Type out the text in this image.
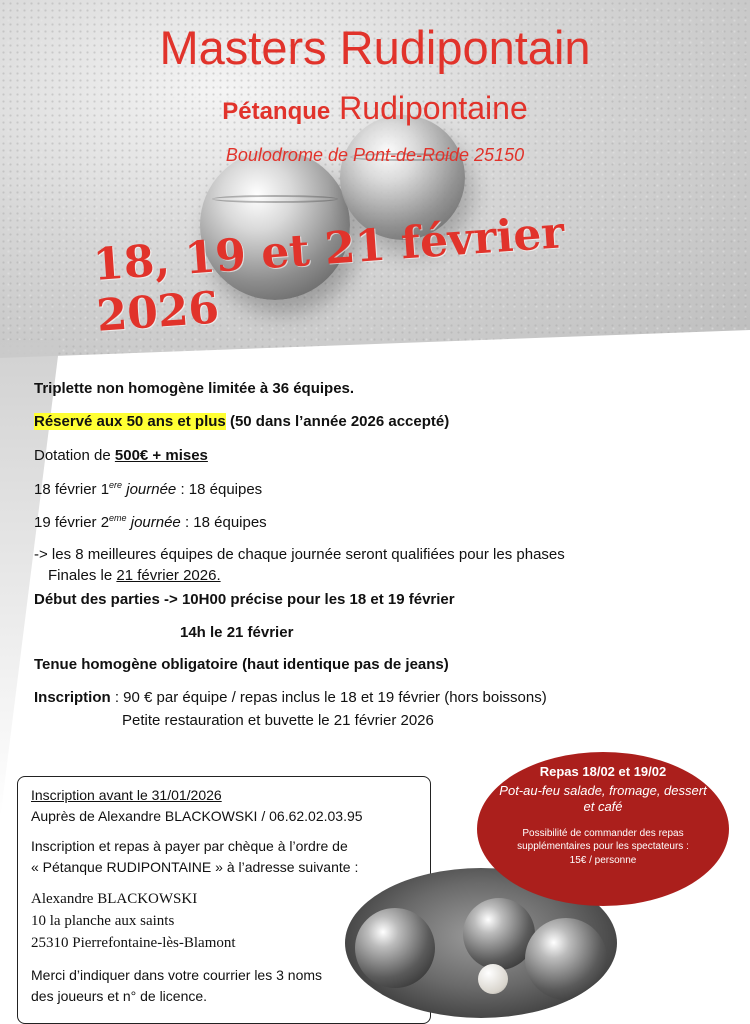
Masters Rudipontain
Pétanque Rudipontaine
Boulodrome de Pont-de-Roide 25150
18, 19 et 21 février 2026
Triplette non homogène limitée à 36 équipes.
Réservé aux 50 ans et plus (50 dans l’année 2026 accepté)
Dotation de 500€ + mises
18 février 1ere journée : 18 équipes
19 février 2eme journée : 18 équipes
-> les 8 meilleures équipes de chaque journée seront qualifiées pour les phases
Finales le 21 février 2026.
Début des parties -> 10H00 précise pour les 18 et 19 février
14h le 21 février
Tenue homogène obligatoire (haut identique pas de jeans)
Inscription : 90 € par équipe / repas inclus le 18 et 19 février (hors boissons)
Petite restauration et buvette le 21 février 2026
Inscription avant le 31/01/2026
Auprès de Alexandre BLACKOWSKI / 06.62.02.03.95
Inscription et repas à payer par chèque à l’ordre de
« Pétanque RUDIPONTAINE » à l’adresse suivante :
Alexandre BLACKOWSKI
10 la planche aux saints
25310 Pierrefontaine-lès-Blamont
Merci d’indiquer dans votre courrier les 3 noms
des joueurs et n° de licence.
Repas 18/02 et 19/02
Pot-au-feu salade, fromage, dessert
et café
Possibilité de commander des repas
supplémentaires pour les spectateurs :
15€ / personne
